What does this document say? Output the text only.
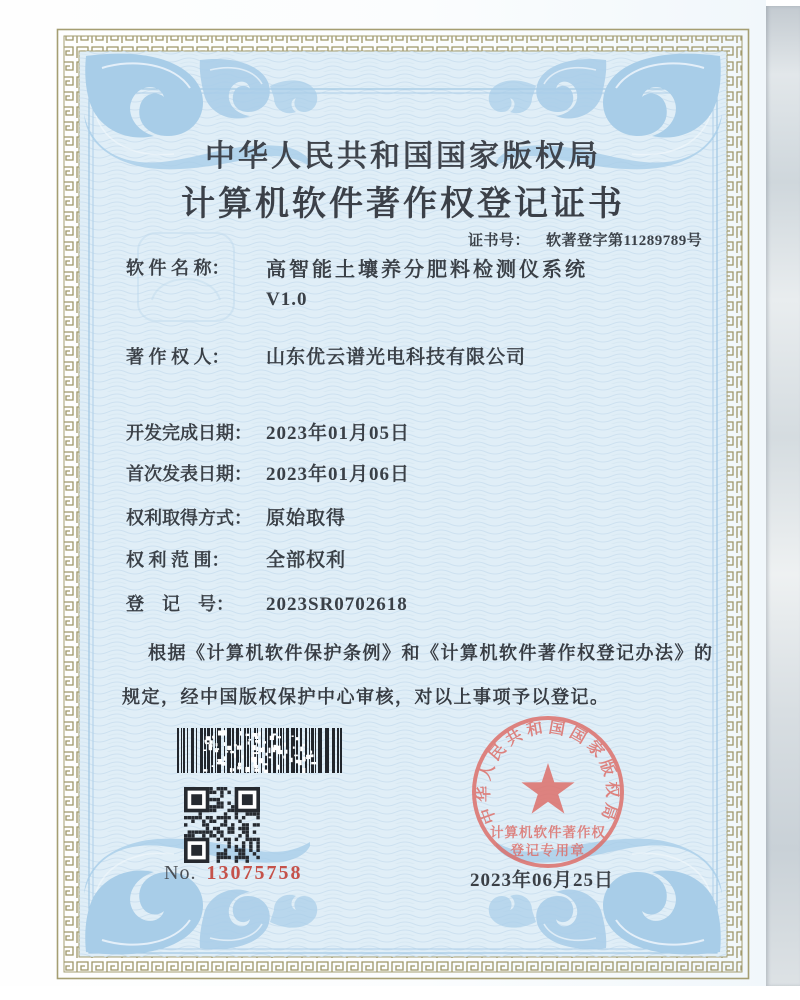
中华人民共和国国家版权局
计算机软件著作权登记证书
证书号： 软著登字第11289789号
软 件 名 称：	高智能土壤养分肥料检测仪系统
V1.0
著 作 权 人：	山东优云谱光电科技有限公司
开发完成日期： 2023年01月05日
首次发表日期： 2023年01月06日
权利取得方式： 原始取得
权 利 范 围：	全部权利
登　记　号：	2023SR0702618
根据《计算机软件保护条例》和《计算机软件著作权登记办法》的
规定，经中国版权保护中心审核，对以上事项予以登记。
No. 13075758
中华人民共和国国家版权局
计算机软件著作权
登记专用章
2023年06月25日
